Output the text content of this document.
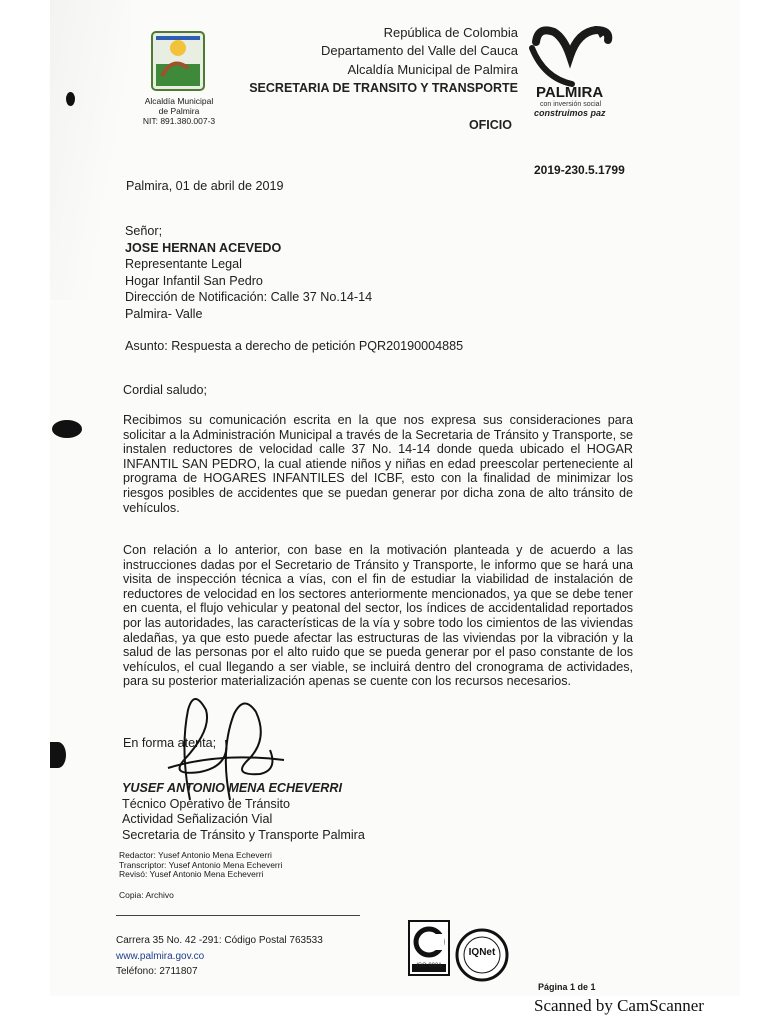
Alcaldía Municipal
de Palmira
NIT: 891.380.007-3
República de Colombia
Departamento del Valle del Cauca
Alcaldía Municipal de Palmira
SECRETARIA DE TRANSITO Y TRANSPORTE
OFICIO
PALMIRA
con inversión social
construimos paz
2019-230.5.1799
Palmira, 01 de abril de 2019
Señor;
JOSE HERNAN ACEVEDO
Representante Legal
Hogar Infantil San Pedro
Dirección de Notificación: Calle 37 No.14-14
Palmira- Valle
Asunto: Respuesta a derecho de petición PQR20190004885
Cordial saludo;
Recibimos su comunicación escrita en la que nos expresa sus consideraciones para solicitar a la Administración Municipal a través de la Secretaria de Tránsito y Transporte, se instalen reductores de velocidad calle 37 No. 14-14 donde queda ubicado el HOGAR INFANTIL SAN PEDRO, la cual atiende niños y niñas en edad preescolar perteneciente al programa de HOGARES INFANTILES del ICBF, esto con la finalidad de minimizar los riesgos posibles de accidentes que se puedan generar por dicha zona de alto tránsito de vehículos.
Con relación a lo anterior, con base en la motivación planteada y de acuerdo a las instrucciones dadas por el Secretario de Tránsito y Transporte, le informo que se hará una visita de inspección técnica a vías, con el fin de estudiar la viabilidad de instalación de reductores de velocidad en los sectores anteriormente mencionados, ya que se debe tener en cuenta, el flujo vehicular y peatonal del sector, los índices de accidentalidad reportados por las autoridades, las características de la vía y sobre todo los cimientos de las viviendas aledañas, ya que esto puede afectar las estructuras de las viviendas por la vibración y la salud de las personas por el alto ruido que se pueda generar por el paso constante de los vehículos, el cual llegando a ser viable, se incluirá dentro del cronograma de actividades, para su posterior materialización apenas se cuente con los recursos necesarios.
En forma atenta;
YUSEF ANTONIO MENA ECHEVERRI
Técnico Operativo de Tránsito
Actividad Señalización Vial
Secretaria de Tránsito y Transporte Palmira
Redactor: Yusef Antonio Mena Echeverri
Transcriptor: Yusef Antonio Mena Echeverri
Revisó: Yusef Antonio Mena Echeverri
Copia: Archivo
Carrera 35 No. 42 -291: Código Postal 763533
www.palmira.gov.co
Teléfono: 2711807	ISO 9001
IQNet
Página 1 de 1
Scanned by CamScanner
